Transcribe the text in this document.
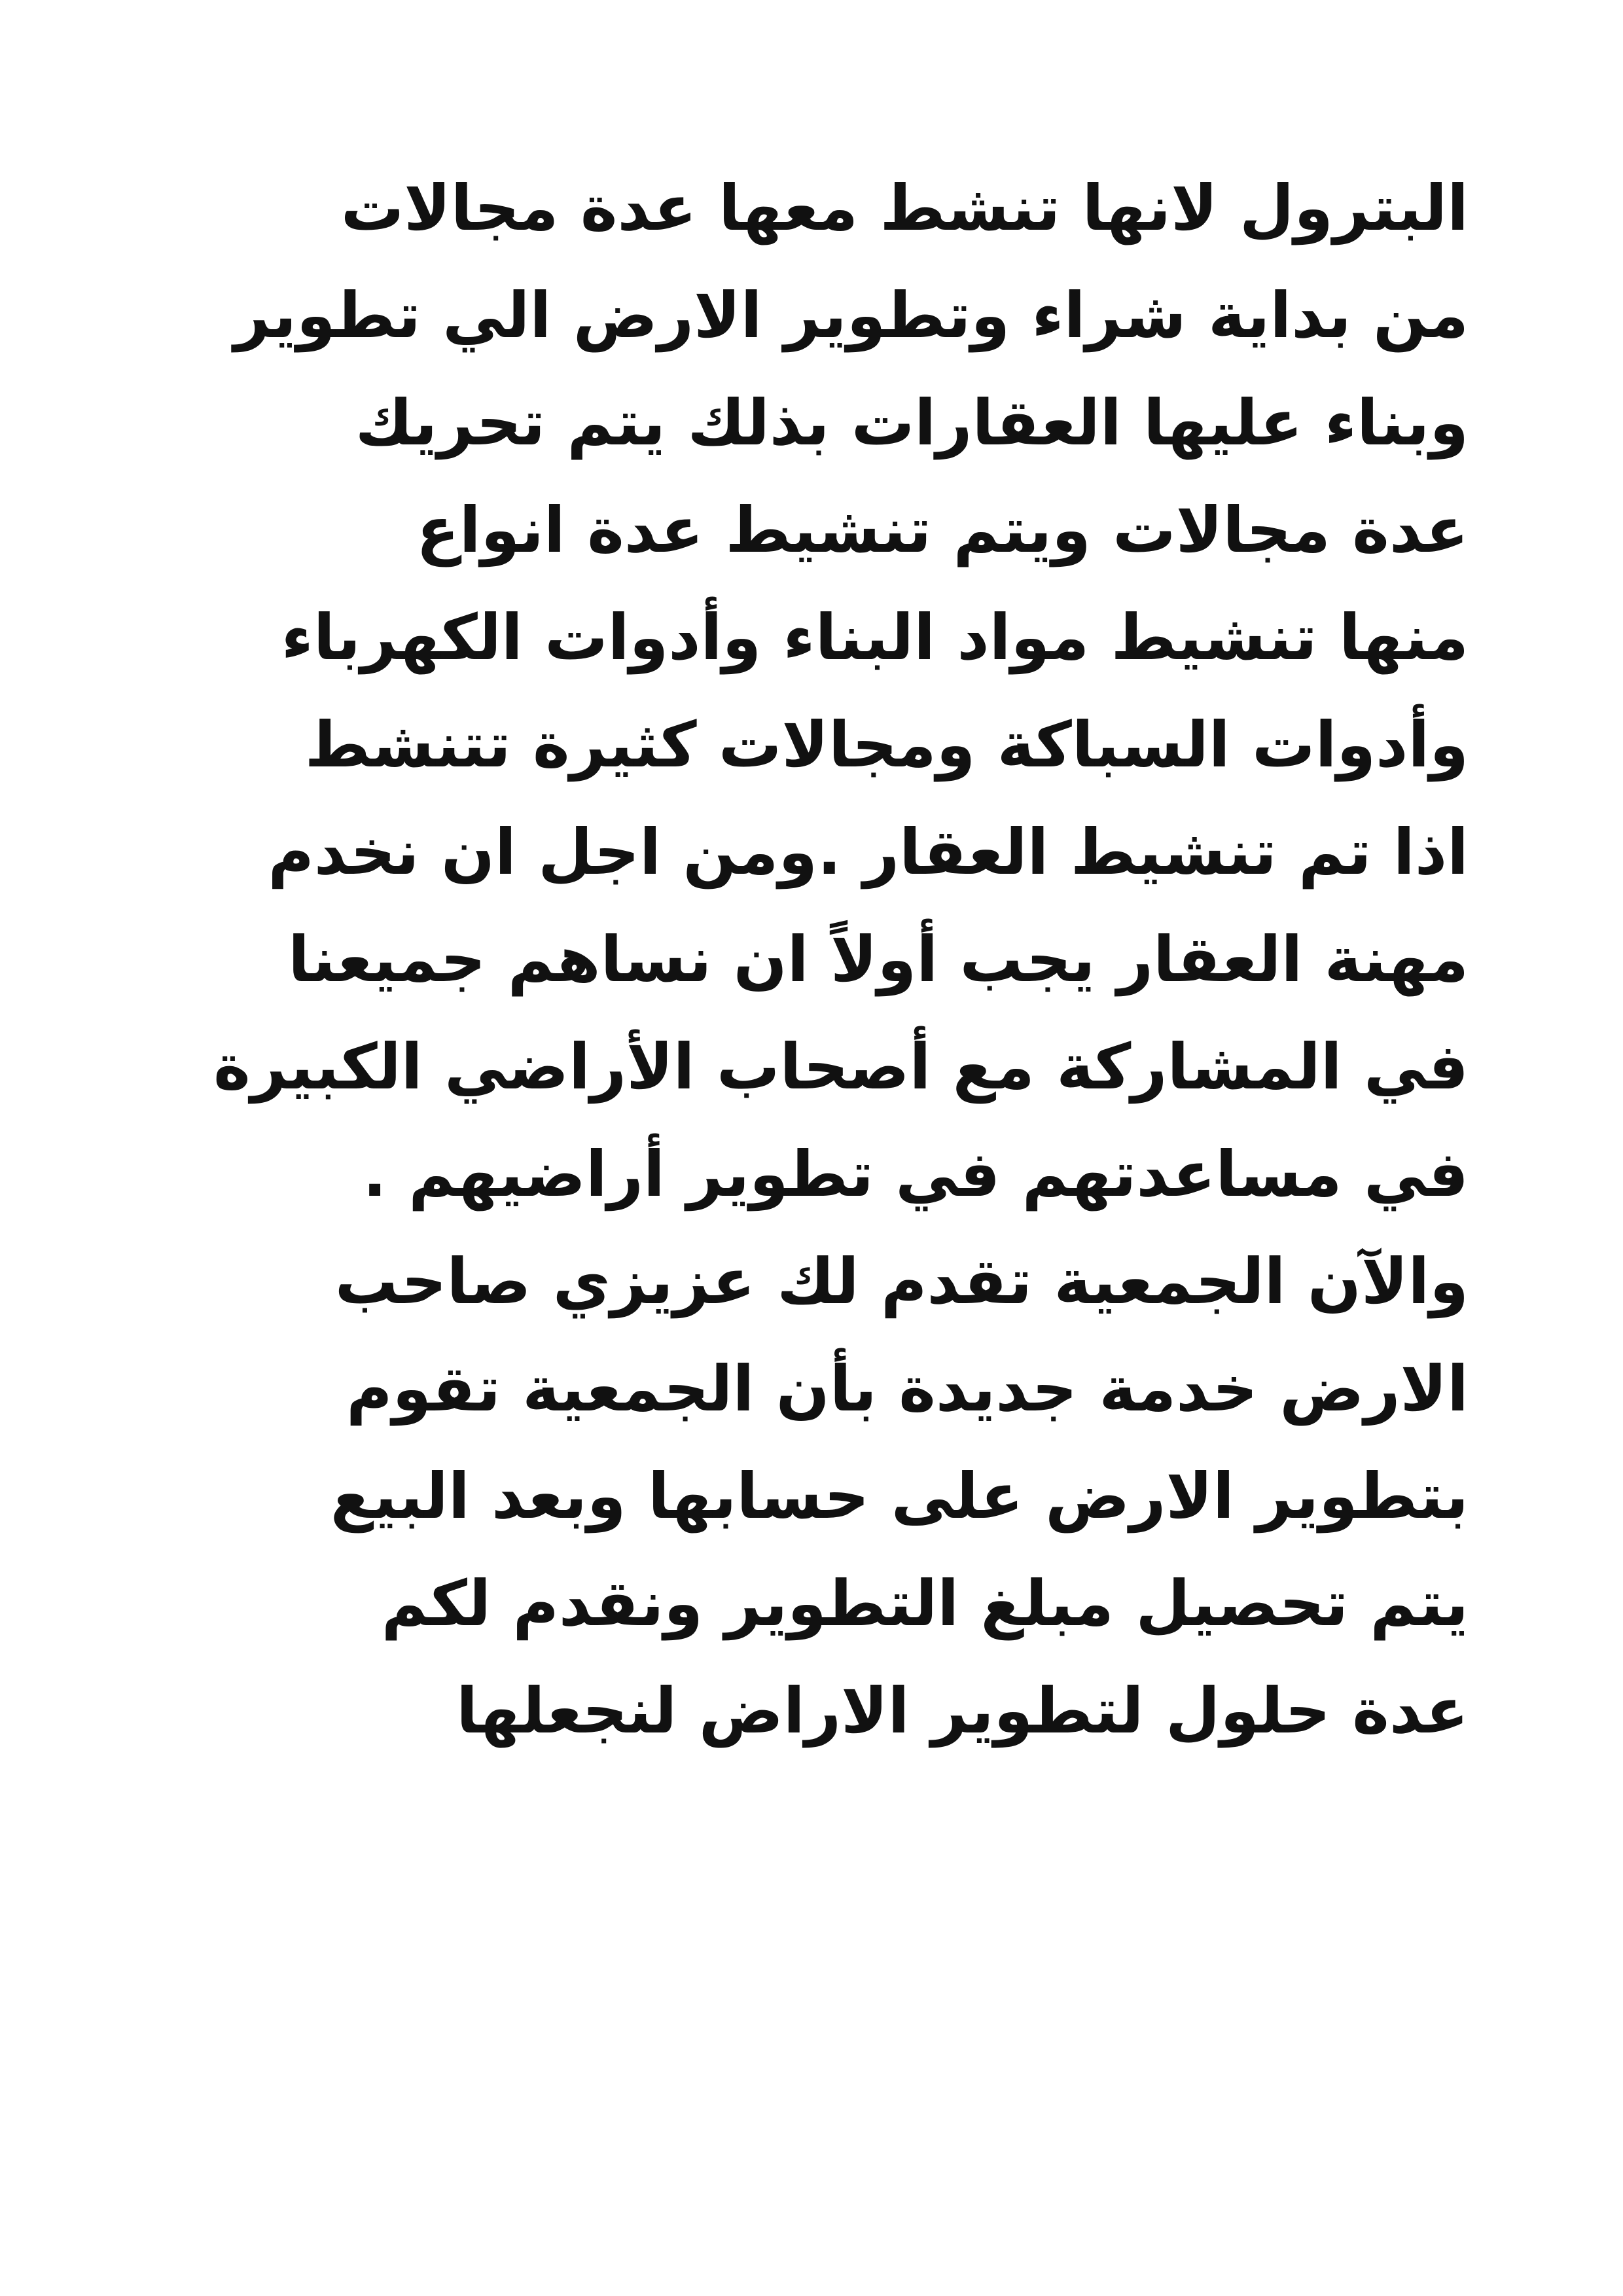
البترول لانها تنشط معها عدة مجالات
من بداية شراء وتطوير الارض الي تطوير
وبناء عليها العقارات بذلك يتم تحريك
عدة مجالات ويتم تنشيط عدة انواع
منها تنشيط مواد البناء وأدوات الكهرباء
وأدوات السباكة ومجالات كثيرة تتنشط
اذا تم تنشيط العقار .ومن اجل ان نخدم
مهنة العقار يجب أولاً ان نساهم جميعنا
في المشاركة مع أصحاب الأراضي الكبيرة
في مساعدتهم في تطوير أراضيهم .
والآن الجمعية تقدم لك عزيزي صاحب
الارض خدمة جديدة بأن الجمعية تقوم
بتطوير الارض على حسابها وبعد البيع
يتم تحصيل مبلغ التطوير ونقدم لكم
عدة حلول لتطوير الاراض لنجعلها
